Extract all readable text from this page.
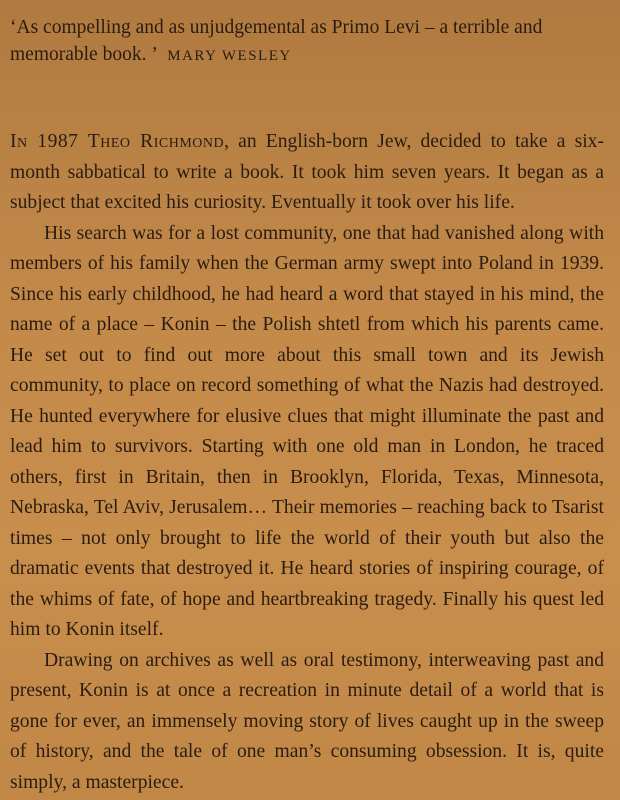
‘As compelling and as unjudgemental as Primo Levi – a terrible and memorable book. ’ MARY WESLEY

In 1987 Theo Richmond, an English-born Jew, decided to take a six-month sabbatical to write a book. It took him seven years. It began as a subject that excited his curiosity. Eventually it took over his life.

His search was for a lost community, one that had vanished along with members of his family when the German army swept into Poland in 1939. Since his early childhood, he had heard a word that stayed in his mind, the name of a place – Konin – the Polish shtetl from which his parents came. He set out to find out more about this small town and its Jewish community, to place on record something of what the Nazis had destroyed. He hunted everywhere for elusive clues that might illuminate the past and lead him to survivors. Starting with one old man in London, he traced others, first in Britain, then in Brooklyn, Florida, Texas, Minnesota, Nebraska, Tel Aviv, Jerusalem… Their memories – reaching back to Tsarist times – not only brought to life the world of their youth but also the dramatic events that destroyed it. He heard stories of inspiring courage, of the whims of fate, of hope and heartbreaking tragedy. Finally his quest led him to Konin itself.

Drawing on archives as well as oral testimony, interweaving past and present, Konin is at once a recreation in minute detail of a world that is gone for ever, an immensely moving story of lives caught up in the sweep of history, and the tale of one man’s consuming obsession. It is, quite simply, a masterpiece.
